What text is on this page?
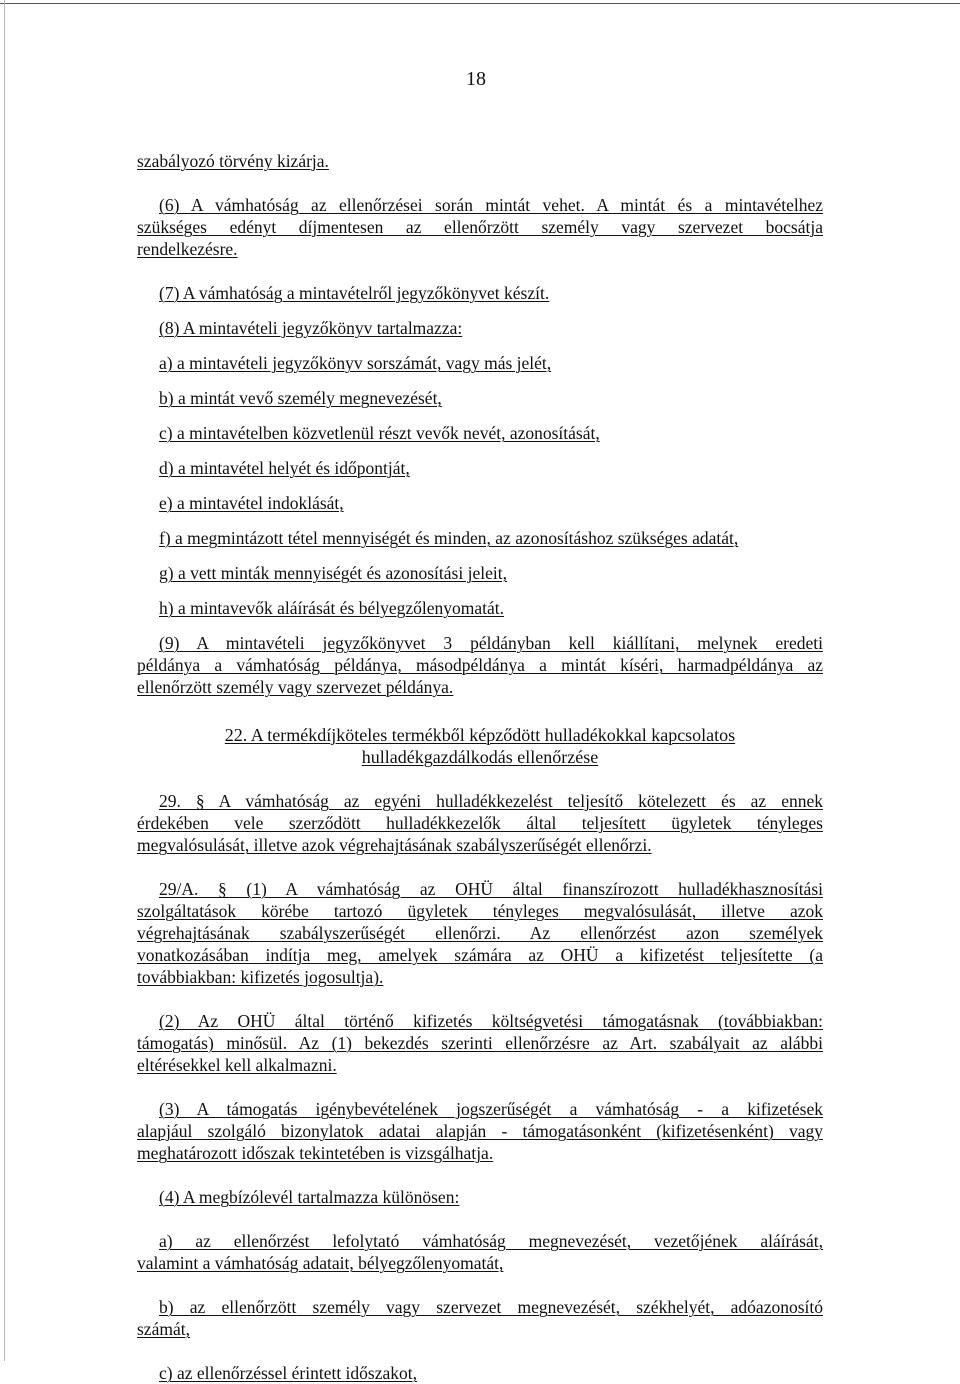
18

szabályozó törvény kizárja.

(6) A vámhatóság az ellenőrzései során mintát vehet. A mintát és a mintavételhez
szükséges edényt díjmentesen az ellenőrzött személy vagy szervezet bocsátja
rendelkezésre.

(7) A vámhatóság a mintavételről jegyzőkönyvet készít.

(8) A mintavételi jegyzőkönyv tartalmazza:

a) a mintavételi jegyzőkönyv sorszámát, vagy más jelét,

b) a mintát vevő személy megnevezését,

c) a mintavételben közvetlenül részt vevők nevét, azonosítását,

d) a mintavétel helyét és időpontját,

e) a mintavétel indoklását,

f) a megmintázott tétel mennyiségét és minden, az azonosításhoz szükséges adatát,

g) a vett minták mennyiségét és azonosítási jeleit,

h) a mintavevők aláírását és bélyegzőlenyomatát.

(9) A mintavételi jegyzőkönyvet 3 példányban kell kiállítani, melynek eredeti
példánya a vámhatóság példánya, másodpéldánya a mintát kíséri, harmadpéldánya az
ellenőrzött személy vagy szervezet példánya.

22. A termékdíjköteles termékből képződött hulladékokkal kapcsolatos
hulladékgazdálkodás ellenőrzése

29. § A vámhatóság az egyéni hulladékkezelést teljesítő kötelezett és az ennek
érdekében vele szerződött hulladékkezelők által teljesített ügyletek tényleges
megvalósulását, illetve azok végrehajtásának szabályszerűségét ellenőrzi.

29/A. § (1) A vámhatóság az OHÜ által finanszírozott hulladékhasznosítási
szolgáltatások körébe tartozó ügyletek tényleges megvalósulását, illetve azok
végrehajtásának szabályszerűségét ellenőrzi. Az ellenőrzést azon személyek
vonatkozásában indítja meg, amelyek számára az OHÜ a kifizetést teljesítette (a
továbbiakban: kifizetés jogosultja).

(2) Az OHÜ által történő kifizetés költségvetési támogatásnak (továbbiakban:
támogatás) minősül. Az (1) bekezdés szerinti ellenőrzésre az Art. szabályait az alábbi
eltérésekkel kell alkalmazni.

(3) A támogatás igénybevételének jogszerűségét a vámhatóság - a kifizetések
alapjául szolgáló bizonylatok adatai alapján - támogatásonként (kifizetésenként) vagy
meghatározott időszak tekintetében is vizsgálhatja.

(4) A megbízólevél tartalmazza különösen:

a) az ellenőrzést lefolytató vámhatóság megnevezését, vezetőjének aláírását,
valamint a vámhatóság adatait, bélyegzőlenyomatát,

b) az ellenőrzött személy vagy szervezet megnevezését, székhelyét, adóazonosító
számát,

c) az ellenőrzéssel érintett időszakot,
